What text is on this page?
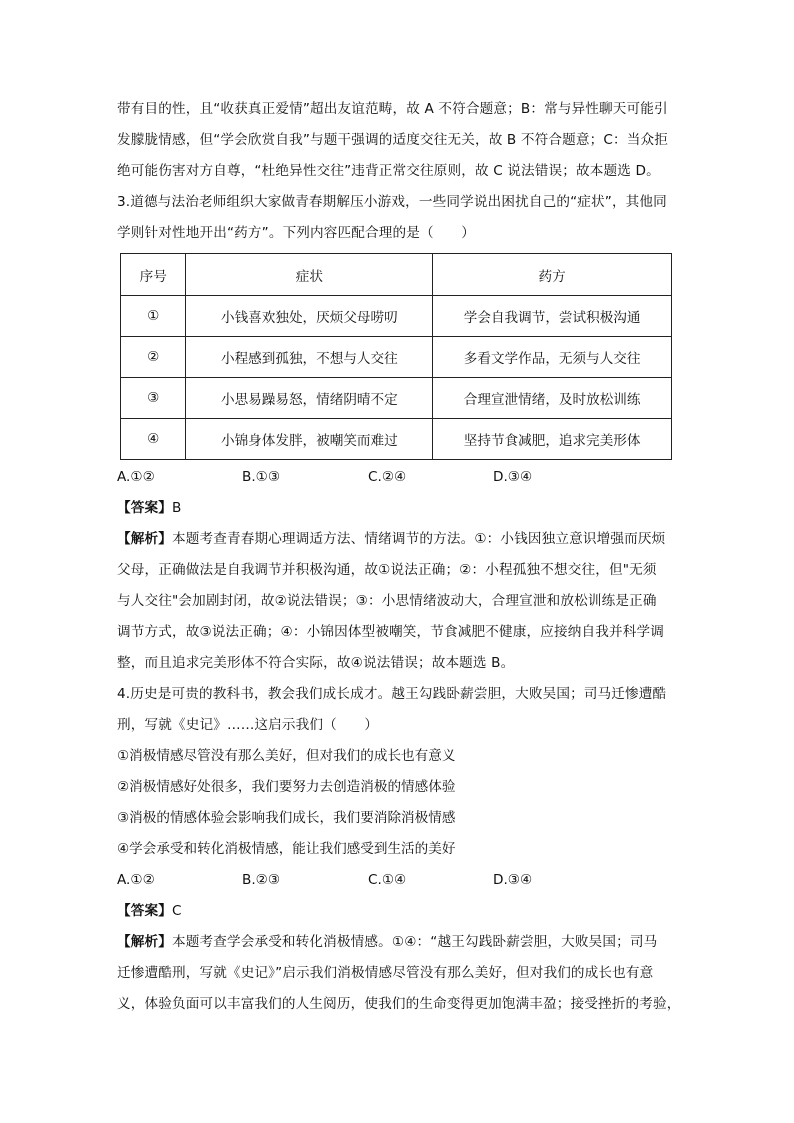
带有目的性，且“收获真正爱情”超出友谊范畴，故 A 不符合题意；B：常与异性聊天可能引
发朦胧情感，但“学会欣赏自我”与题干强调的适度交往无关，故 B 不符合题意；C：当众拒
绝可能伤害对方自尊，“杜绝异性交往”违背正常交往原则，故 C 说法错误；故本题选 D。
3.道德与法治老师组织大家做青春期解压小游戏，一些同学说出困扰自己的“症状”，其他同
学则针对性地开出“药方”。下列内容匹配合理的是（　　）
序号	症状	药方
①	小钱喜欢独处，厌烦父母唠叨	学会自我调节，尝试积极沟通
②	小程感到孤独，不想与人交往	多看文学作品，无须与人交往
③	小思易躁易怒，情绪阴晴不定	合理宣泄情绪，及时放松训练
④	小锦身体发胖，被嘲笑而难过	坚持节食减肥，追求完美形体
A.①②	B.①③	C.②④	D.③④
【答案】B
【解析】本题考查青春期心理调适方法、情绪调节的方法。①：小钱因独立意识增强而厌烦
父母，正确做法是自我调节并积极沟通，故①说法正确；②：小程孤独不想交往，但"无须
与人交往"会加剧封闭，故②说法错误；③：小思情绪波动大，合理宣泄和放松训练是正确
调节方式，故③说法正确；④：小锦因体型被嘲笑，节食减肥不健康，应接纳自我并科学调
整，而且追求完美形体不符合实际，故④说法错误；故本题选 B。
4.历史是可贵的教科书，教会我们成长成才。越王勾践卧薪尝胆，大败吴国；司马迁惨遭酷
刑，写就《史记》……这启示我们（　　）
①消极情感尽管没有那么美好，但对我们的成长也有意义
②消极情感好处很多，我们要努力去创造消极的情感体验
③消极的情感体验会影响我们成长，我们要消除消极情感
④学会承受和转化消极情感，能让我们感受到生活的美好
A.①②	B.②③	C.①④	D.③④
【答案】C
【解析】本题考查学会承受和转化消极情感。①④：“越王勾践卧薪尝胆，大败吴国；司马
迁惨遭酷刑，写就《史记》”启示我们消极情感尽管没有那么美好，但对我们的成长也有意
义，体验负面可以丰富我们的人生阅历，使我们的生命变得更加饱满丰盈；接受挫折的考验，
